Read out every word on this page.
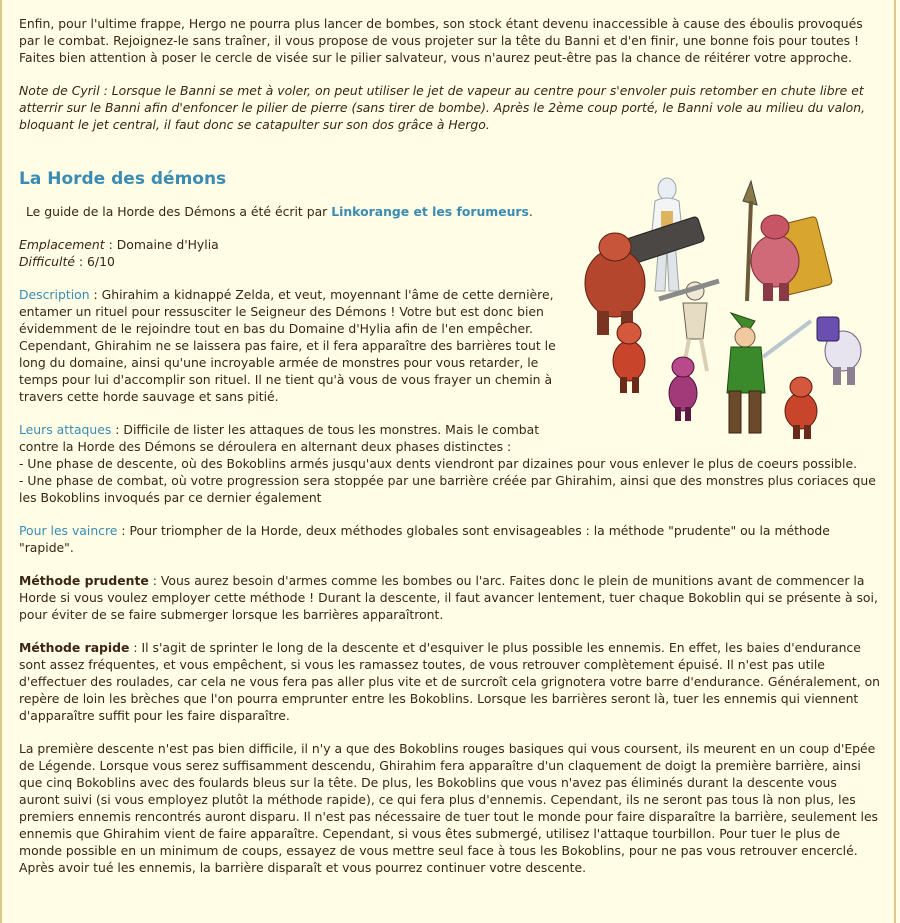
Enfin, pour l'ultime frappe, Hergo ne pourra plus lancer de bombes, son stock étant devenu inaccessible à cause des éboulis provoqués par le combat. Rejoignez-le sans traîner, il vous propose de vous projeter sur la tête du Banni et d'en finir, une bonne fois pour toutes ! Faites bien attention à poser le cercle de visée sur le pilier salvateur, vous n'aurez peut-être pas la chance de réitérer votre approche.

Note de Cyril : Lorsque le Banni se met à voler, on peut utiliser le jet de vapeur au centre pour s'envoler puis retomber en chute libre et atterrir sur le Banni afin d'enfoncer le pilier de pierre (sans tirer de bombe). Après le 2ème coup porté, le Banni vole au milieu du valon, bloquant le jet central, il faut donc se catapulter sur son dos grâce à Hergo.

La Horde des démons

Le guide de la Horde des Démons a été écrit par Linkorange et les forumeurs.

Emplacement : Domaine d'Hylia
Difficulté : 6/10

Description : Ghirahim a kidnappé Zelda, et veut, moyennant l'âme de cette dernière, entamer un rituel pour ressusciter le Seigneur des Démons ! Votre but est donc bien évidemment de le rejoindre tout en bas du Domaine d'Hylia afin de l'en empêcher. Cependant, Ghirahim ne se laissera pas faire, et il fera apparaître des barrières tout le long du domaine, ainsi qu'une incroyable armée de monstres pour vous retarder, le temps pour lui d'accomplir son rituel. Il ne tient qu'à vous de vous frayer un chemin à travers cette horde sauvage et sans pitié.

Leurs attaques : Difficile de lister les attaques de tous les monstres. Mais le combat contre la Horde des Démons se déroulera en alternant deux phases distinctes :
- Une phase de descente, où des Bokoblins armés jusqu'aux dents viendront par dizaines pour vous enlever le plus de coeurs possible.
- Une phase de combat, où votre progression sera stoppée par une barrière créée par Ghirahim, ainsi que des monstres plus coriaces que les Bokoblins invoqués par ce dernier également

Pour les vaincre : Pour triompher de la Horde, deux méthodes globales sont envisageables : la méthode "prudente" ou la méthode "rapide".

Méthode prudente : Vous aurez besoin d'armes comme les bombes ou l'arc. Faites donc le plein de munitions avant de commencer la Horde si vous voulez employer cette méthode ! Durant la descente, il faut avancer lentement, tuer chaque Bokoblin qui se présente à soi, pour éviter de se faire submerger lorsque les barrières apparaîtront.

Méthode rapide : Il s'agit de sprinter le long de la descente et d'esquiver le plus possible les ennemis. En effet, les baies d'endurance sont assez fréquentes, et vous empêchent, si vous les ramassez toutes, de vous retrouver complètement épuisé. Il n'est pas utile d'effectuer des roulades, car cela ne vous fera pas aller plus vite et de surcroît cela grignotera votre barre d'endurance. Généralement, on repère de loin les brèches que l'on pourra emprunter entre les Bokoblins. Lorsque les barrières seront là, tuer les ennemis qui viennent d'apparaître suffit pour les faire disparaître.

La première descente n'est pas bien difficile, il n'y a que des Bokoblins rouges basiques qui vous coursent, ils meurent en un coup d'Epée de Légende. Lorsque vous serez suffisamment descendu, Ghirahim fera apparaître d'un claquement de doigt la première barrière, ainsi que cinq Bokoblins avec des foulards bleus sur la tête. De plus, les Bokoblins que vous n'avez pas éliminés durant la descente vous auront suivi (si vous employez plutôt la méthode rapide), ce qui fera plus d'ennemis. Cependant, ils ne seront pas tous là non plus, les premiers ennemis rencontrés auront disparu. Il n'est pas nécessaire de tuer tout le monde pour faire disparaître la barrière, seulement les ennemis que Ghirahim vient de faire apparaître. Cependant, si vous êtes submergé, utilisez l'attaque tourbillon. Pour tuer le plus de monde possible en un minimum de coups, essayez de vous mettre seul face à tous les Bokoblins, pour ne pas vous retrouver encerclé. Après avoir tué les ennemis, la barrière disparaît et vous pourrez continuer votre descente.
